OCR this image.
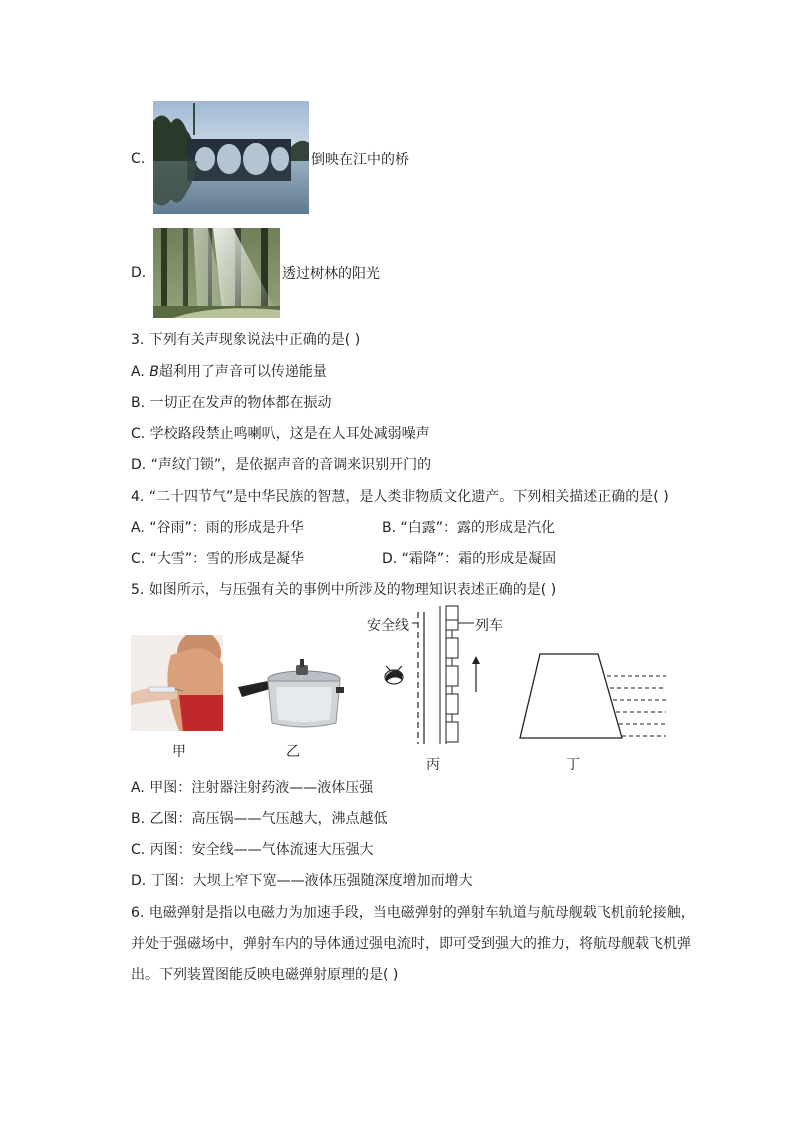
C.	倒映在江中的桥
D.	透过树林的阳光
3. 下列有关声现象说法中正确的是( )
A. B超利用了声音可以传递能量
B. 一切正在发声的物体都在振动
C. 学校路段禁止鸣喇叭，这是在人耳处减弱噪声
D. “声纹门锁”，是依据声音的音调来识别开门的
4. “二十四节气”是中华民族的智慧，是人类非物质文化遗产。下列相关描述正确的是( )
A. “谷雨”：雨的形成是升华	B. “白露”：露的形成是汽化
C. “大雪”：雪的形成是凝华	D. “霜降”：霜的形成是凝固
5. 如图所示，与压强有关的事例中所涉及的物理知识表述正确的是( )
甲	乙
安全线	列车
丙	丁
A. 甲图：注射器注射药液——液体压强
B. 乙图：高压锅——气压越大，沸点越低
C. 丙图：安全线——气体流速大压强大
D. 丁图：大坝上窄下宽——液体压强随深度增加而增大
6. 电磁弹射是指以电磁力为加速手段，当电磁弹射的弹射车轨道与航母舰载飞机前轮接触，
并处于强磁场中，弹射车内的导体通过强电流时，即可受到强大的推力，将航母舰载飞机弹
出。下列装置图能反映电磁弹射原理的是( )
